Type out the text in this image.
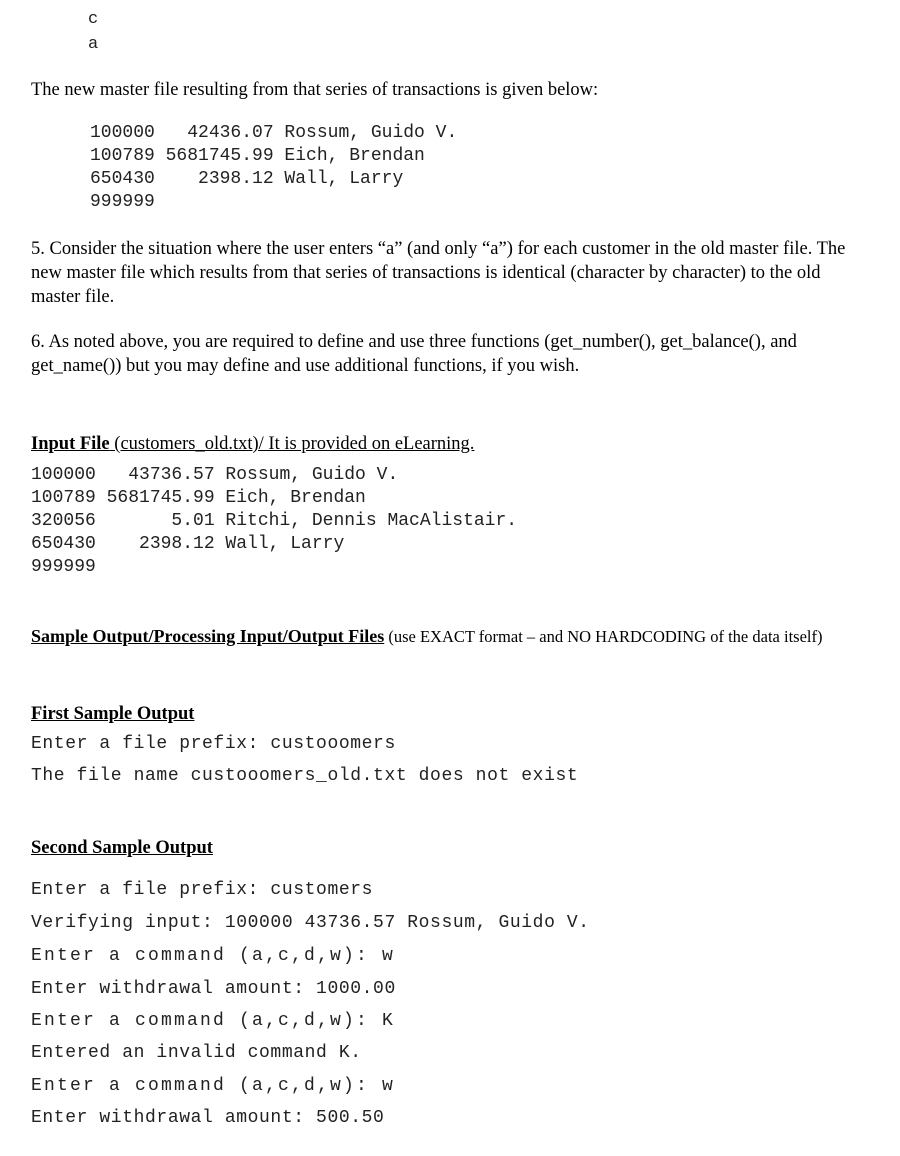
c
a
The new master file resulting from that series of transactions is given below:
100000   42436.07 Rossum, Guido V.
100789 5681745.99 Eich, Brendan
650430    2398.12 Wall, Larry
999999
5. Consider the situation where the user enters “a” (and only “a”) for each customer in the old master file. The new master file which results from that series of transactions is identical (character by character) to the old master file.
6. As noted above, you are required to define and use three functions (get_number(), get_balance(), and get_name()) but you may define and use additional functions, if you wish.
Input File (customers_old.txt)/ It is provided on eLearning.
100000   43736.57 Rossum, Guido V.
100789 5681745.99 Eich, Brendan
320056       5.01 Ritchi, Dennis MacAlistair.
650430    2398.12 Wall, Larry
999999
Sample Output/Processing Input/Output Files (use EXACT format – and NO HARDCODING of the data itself)
First Sample Output
Enter a file prefix: custooomers
The file name custooomers_old.txt does not exist
Second Sample Output
Enter a file prefix: customers
Verifying input: 100000 43736.57 Rossum, Guido V.
Enter a command (a,c,d,w): w
Enter withdrawal amount: 1000.00
Enter a command (a,c,d,w): K
Entered an invalid command K.
Enter a command (a,c,d,w): w
Enter withdrawal amount: 500.50
